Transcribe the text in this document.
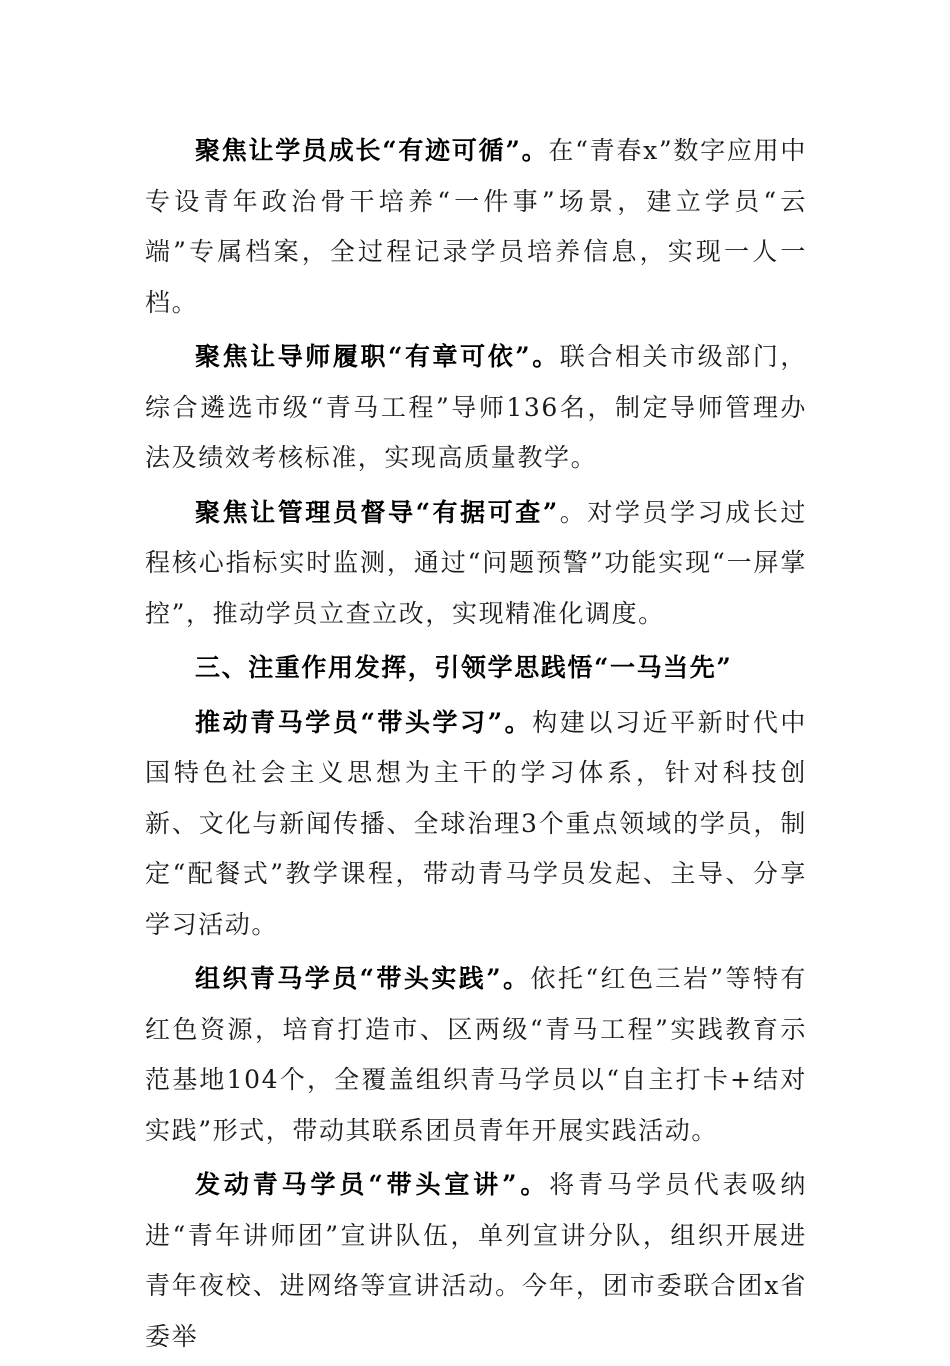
聚焦让学员成长“有迹可循”。在“青春x”数字应用中专设青年政治骨干培养“一件事”场景，建立学员“云端”专属档案，全过程记录学员培养信息，实现一人一档。

聚焦让导师履职“有章可依”。联合相关市级部门，综合遴选市级“青马工程”导师136名，制定导师管理办法及绩效考核标准，实现高质量教学。

聚焦让管理员督导“有据可查”。对学员学习成长过程核心指标实时监测，通过“问题预警”功能实现“一屏掌控”，推动学员立查立改，实现精准化调度。

三、注重作用发挥，引领学思践悟“一马当先”

推动青马学员“带头学习”。构建以习近平新时代中国特色社会主义思想为主干的学习体系，针对科技创新、文化与新闻传播、全球治理3个重点领域的学员，制定“配餐式”教学课程，带动青马学员发起、主导、分享学习活动。

组织青马学员“带头实践”。依托“红色三岩”等特有红色资源，培育打造市、区两级“青马工程”实践教育示范基地104个，全覆盖组织青马学员以“自主打卡+结对实践”形式，带动其联系团员青年开展实践活动。

发动青马学员“带头宣讲”。将青马学员代表吸纳进“青年讲师团”宣讲队伍，单列宣讲分队，组织开展进青年夜校、进网络等宣讲活动。今年，团市委联合团x省委举
